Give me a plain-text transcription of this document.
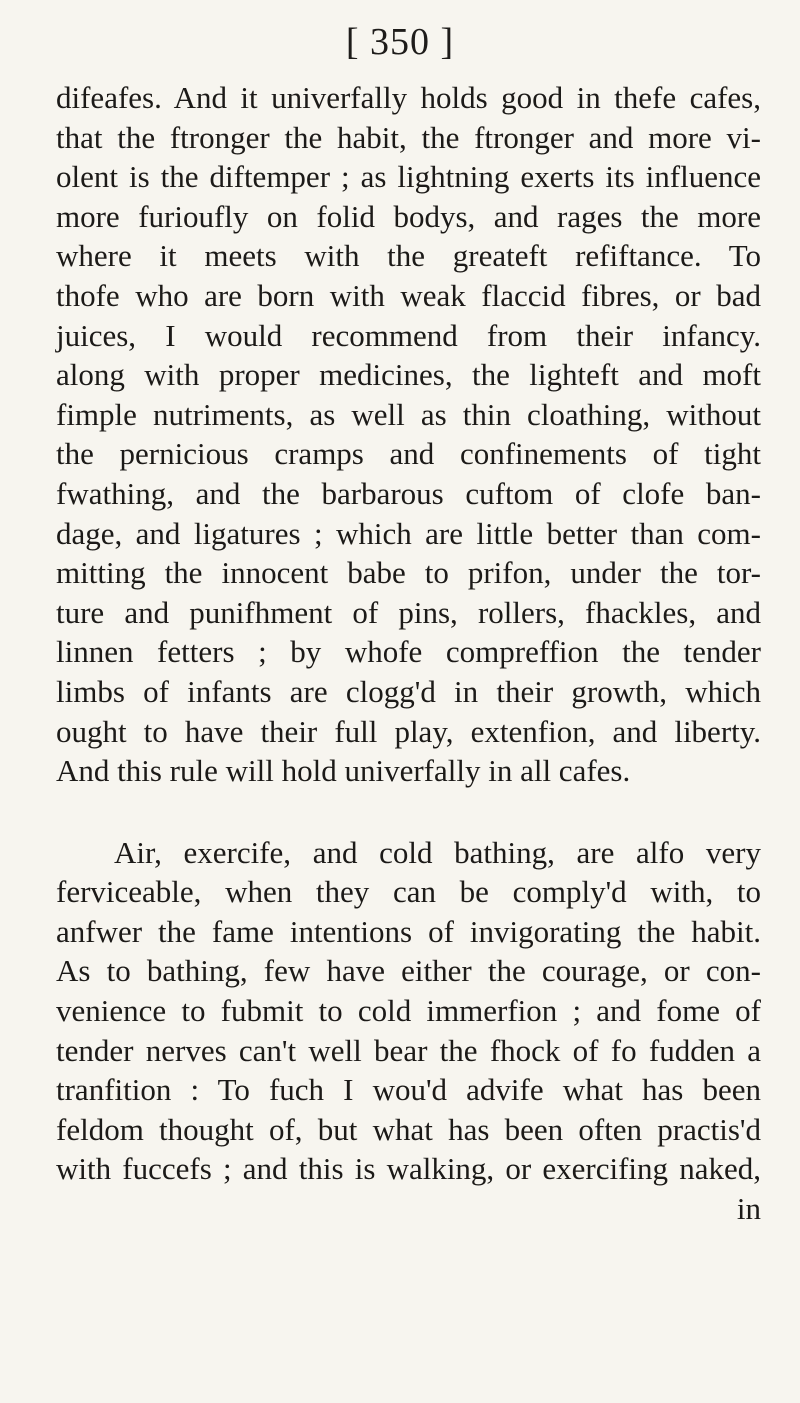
[ 350 ]
difeafes. And it univerfally holds good in thefe cafes,
that the ftronger the habit, the ftronger and more vi-
olent is the diftemper ; as lightning exerts its influence
more furioufly on folid bodys, and rages the more
where it meets with the greateft refiftance. To
thofe who are born with weak flaccid fibres, or bad
juices, I would recommend from their infancy.
along with proper medicines, the lighteft and moft
fimple nutriments, as well as thin cloathing, without
the pernicious cramps and confinements of tight
fwathing, and the barbarous cuftom of clofe ban-
dage, and ligatures ; which are little better than com-
mitting the innocent babe to prifon, under the tor-
ture and punifhment of pins, rollers, fhackles, and
linnen fetters ; by whofe compreffion the tender
limbs of infants are clogg'd in their growth, which
ought to have their full play, extenfion, and liberty.
And this rule will hold univerfally in all cafes.
Air, exercife, and cold bathing, are alfo very
ferviceable, when they can be comply'd with, to
anfwer the fame intentions of invigorating the habit.
As to bathing, few have either the courage, or con-
venience to fubmit to cold immerfion ; and fome of
tender nerves can't well bear the fhock of fo fudden a
tranfition : To fuch I wou'd advife what has been
feldom thought of, but what has been often practis'd
with fuccefs ; and this is walking, or exercifing naked,
in
